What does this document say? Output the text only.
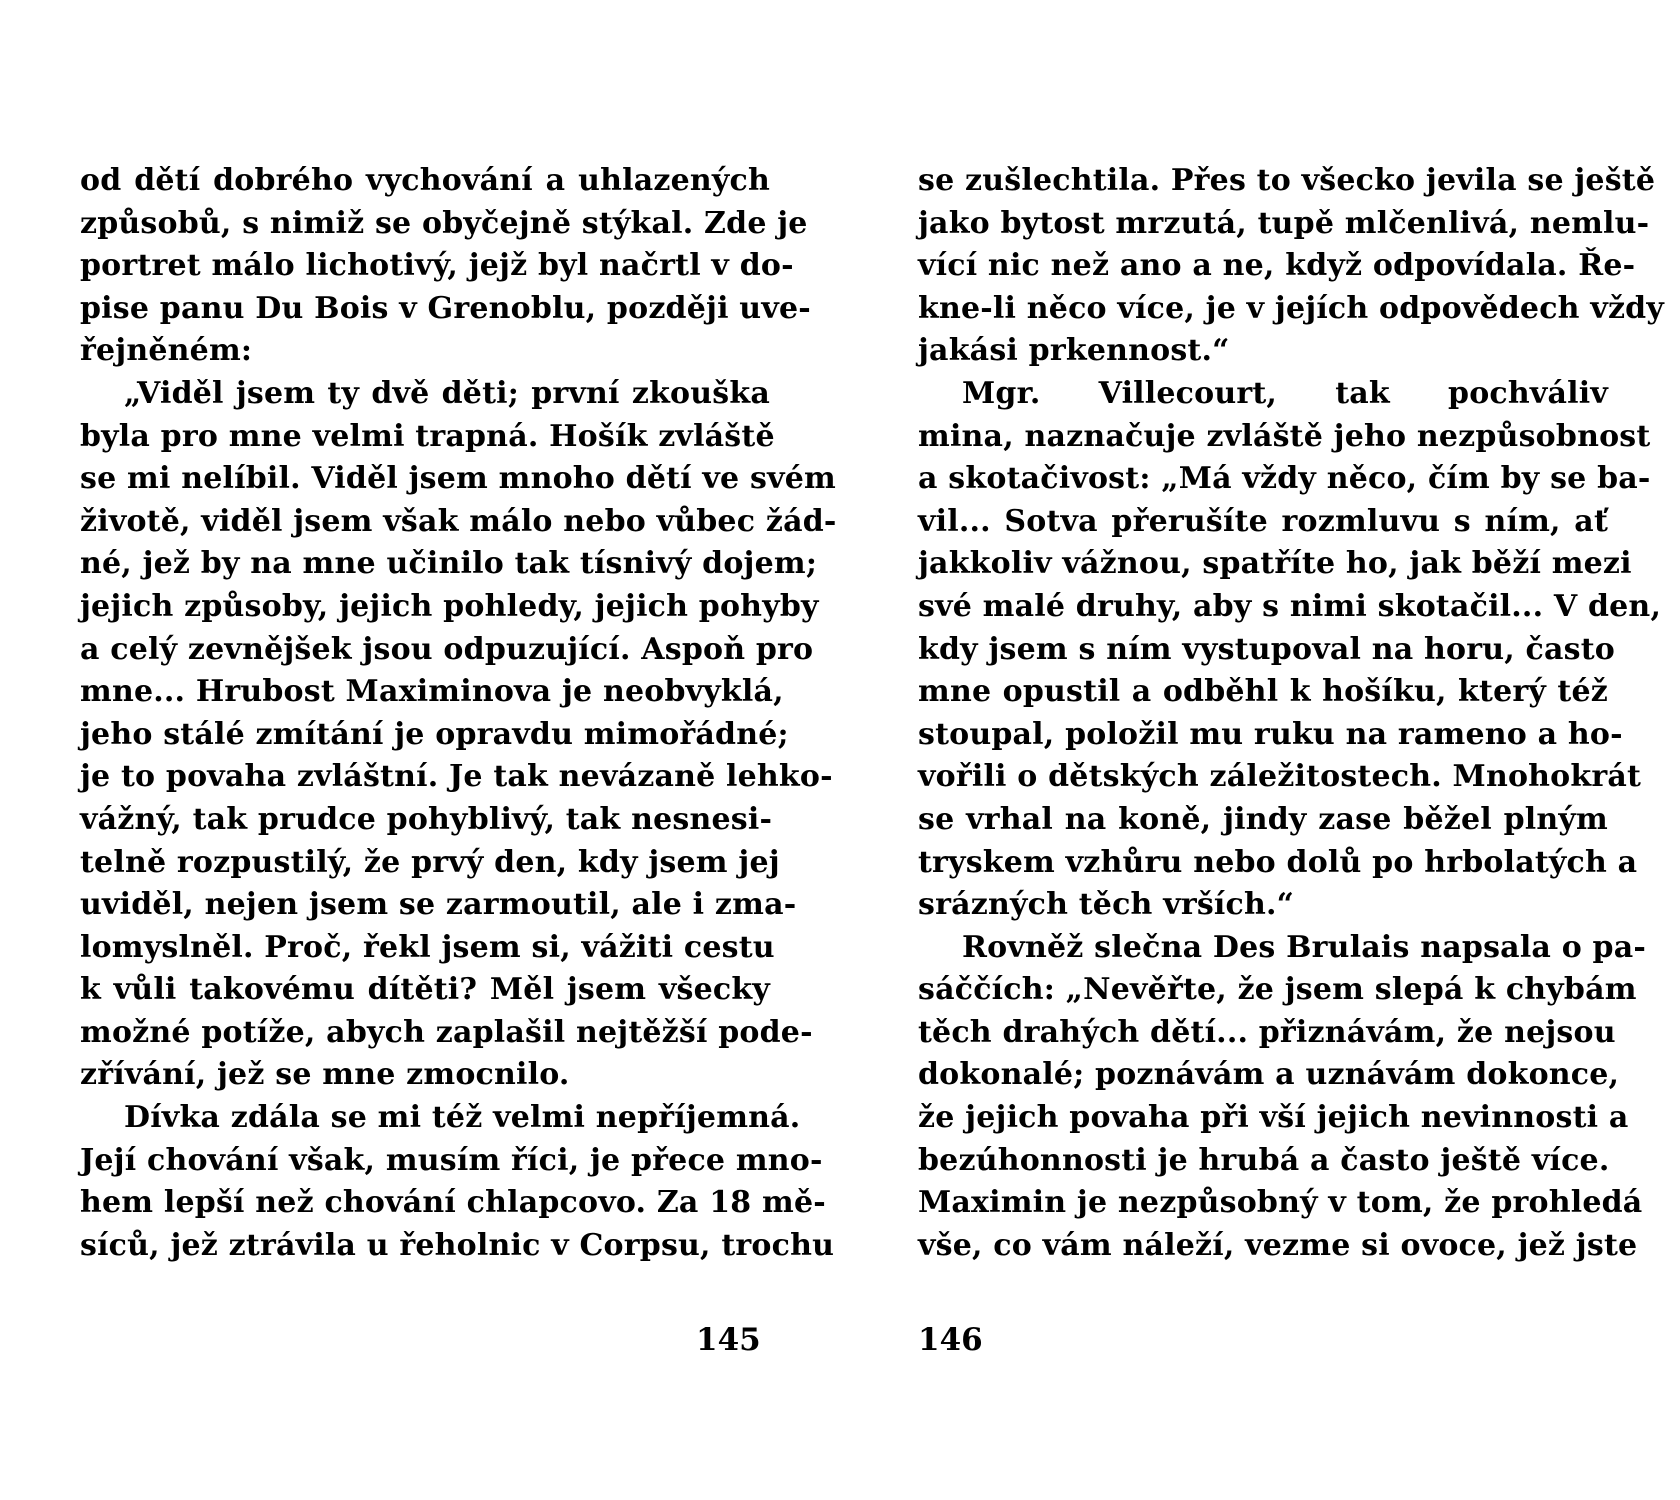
od dětí dobrého vychování a uhlazených
způsobů, s nimiž se obyčejně stýkal. Zde je
portret málo lichotivý, jejž byl načrtl v do-
pise panu Du Bois v Grenoblu, později uve-
řejněném:
„Viděl jsem ty dvě děti; první zkouška
byla pro mne velmi trapná. Hošík zvláště
se mi nelíbil. Viděl jsem mnoho dětí ve svém
životě, viděl jsem však málo nebo vůbec žád-
né, jež by na mne učinilo tak tísnivý dojem;
jejich způsoby, jejich pohledy, jejich pohyby
a celý zevnějšek jsou odpuzující. Aspoň pro
mne... Hrubost Maximinova je neobvyklá,
jeho stálé zmítání je opravdu mimořádné;
je to povaha zvláštní. Je tak nevázaně lehko-
vážný, tak prudce pohyblivý, tak nesnesi-
telně rozpustilý, že prvý den, kdy jsem jej
uviděl, nejen jsem se zarmoutil, ale i zma-
lomyslněl. Proč, řekl jsem si, vážiti cestu
k vůli takovému dítěti? Měl jsem všecky
možné potíže, abych zaplašil nejtěžší pode-
zřívání, jež se mne zmocnilo.
Dívka zdála se mi též velmi nepříjemná.
Její chování však, musím říci, je přece mno-
hem lepší než chování chlapcovo. Za 18 mě-
síců, jež ztrávila u řeholnic v Corpsu, trochu
se zušlechtila. Přes to všecko jevila se ještě
jako bytost mrzutá, tupě mlčenlivá, nemlu-
vící nic než ano a ne, když odpovídala. Ře-
kne-li něco více, je v jejích odpovědech vždy
jakási prkennost.“
Mgr. Villecourt, tak pochváliv
mina, naznačuje zvláště jeho nezpůsobnost
a skotačivost: „Má vždy něco, čím by se ba-
vil... Sotva přerušíte rozmluvu s ním, ať
jakkoliv vážnou, spatříte ho, jak běží mezi
své malé druhy, aby s nimi skotačil... V den,
kdy jsem s ním vystupoval na horu, často
mne opustil a odběhl k hošíku, který též
stoupal, položil mu ruku na rameno a ho-
vořili o dětských záležitostech. Mnohokrát
se vrhal na koně, jindy zase běžel plným
tryskem vzhůru nebo dolů po hrbolatých a
srázných těch vrších.“
Rovněž slečna Des Brulais napsala o pa-
sáččích: „Nevěřte, že jsem slepá k chybám
těch drahých dětí... přiznávám, že nejsou
dokonalé; poznávám a uznávám dokonce,
že jejich povaha při vší jejich nevinnosti a
bezúhonnosti je hrubá a často ještě více.
Maximin je nezpůsobný v tom, že prohledá
vše, co vám náleží, vezme si ovoce, jež jste
145	146
